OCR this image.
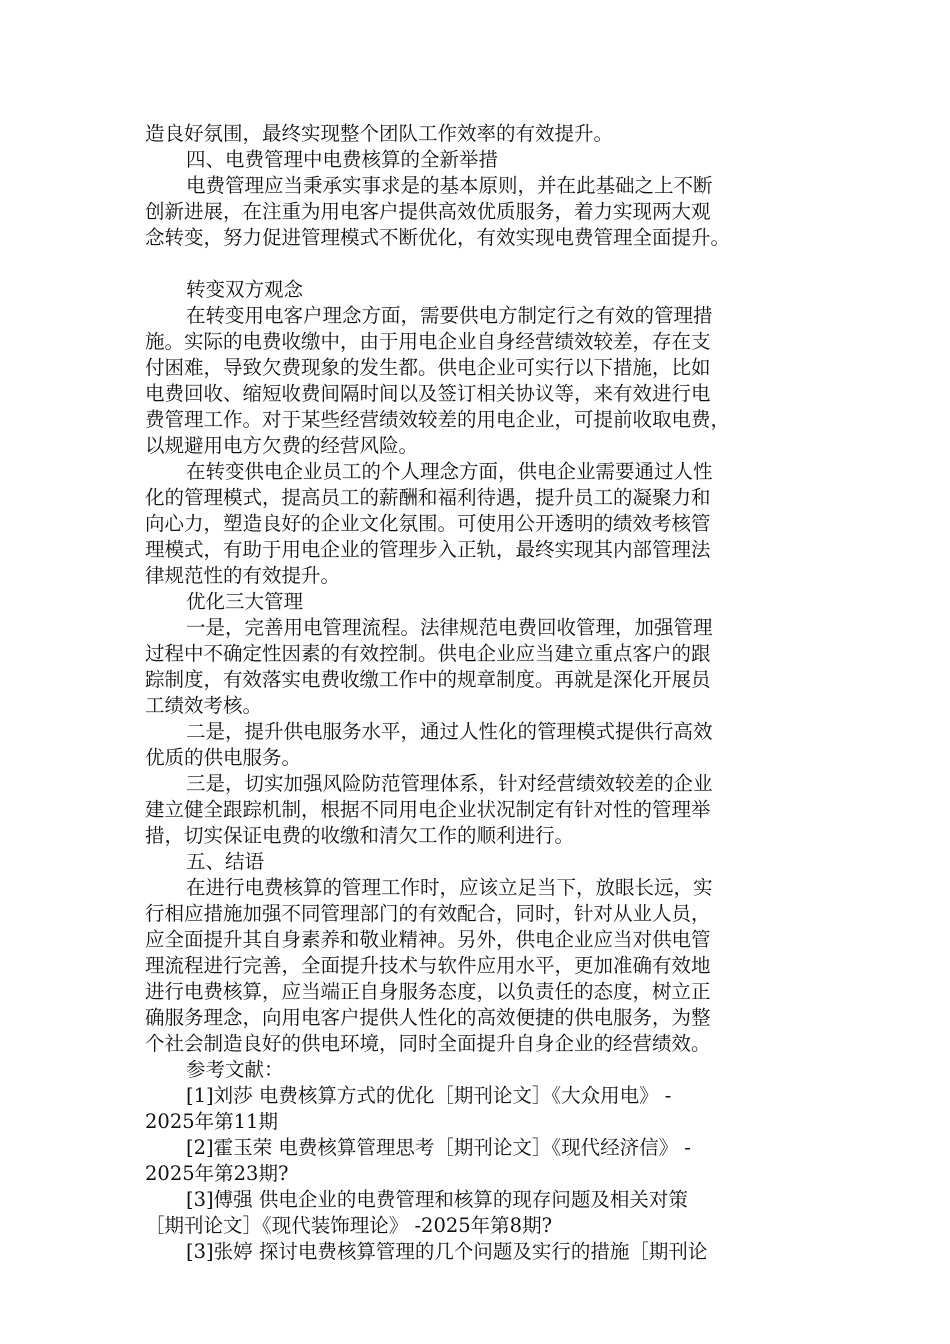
造良好氛围，最终实现整个团队工作效率的有效提升。
四、电费管理中电费核算的全新举措
电费管理应当秉承实事求是的基本原则，并在此基础之上不断
创新进展，在注重为用电客户提供高效优质服务，着力实现两大观
念转变，努力促进管理模式不断优化，有效实现电费管理全面提升。
转变双方观念
在转变用电客户理念方面，需要供电方制定行之有效的管理措
施。实际的电费收缴中，由于用电企业自身经营绩效较差，存在支
付困难，导致欠费现象的发生都。供电企业可实行以下措施，比如
电费回收、缩短收费间隔时间以及签订相关协议等，来有效进行电
费管理工作。对于某些经营绩效较差的用电企业，可提前收取电费，
以规避用电方欠费的经营风险。
在转变供电企业员工的个人理念方面，供电企业需要通过人性
化的管理模式，提高员工的薪酬和福利待遇，提升员工的凝聚力和
向心力，塑造良好的企业文化氛围。可使用公开透明的绩效考核管
理模式，有助于用电企业的管理步入正轨，最终实现其内部管理法
律规范性的有效提升。
优化三大管理
一是，完善用电管理流程。法律规范电费回收管理，加强管理
过程中不确定性因素的有效控制。供电企业应当建立重点客户的跟
踪制度，有效落实电费收缴工作中的规章制度。再就是深化开展员
工绩效考核。
二是，提升供电服务水平，通过人性化的管理模式提供行高效
优质的供电服务。
三是，切实加强风险防范管理体系，针对经营绩效较差的企业
建立健全跟踪机制，根据不同用电企业状况制定有针对性的管理举
措，切实保证电费的收缴和清欠工作的顺利进行。
五、结语
在进行电费核算的管理工作时，应该立足当下，放眼长远，实
行相应措施加强不同管理部门的有效配合，同时，针对从业人员，
应全面提升其自身素养和敬业精神。另外，供电企业应当对供电管
理流程进行完善，全面提升技术与软件应用水平，更加准确有效地
进行电费核算，应当端正自身服务态度，以负责任的态度，树立正
确服务理念，向用电客户提供人性化的高效便捷的供电服务，为整
个社会制造良好的供电环境，同时全面提升自身企业的经营绩效。
参考文献：
[1]刘莎 电费核算方式的优化［期刊论文］《大众用电》 -
2025年第11期
[2]霍玉荣 电费核算管理思考［期刊论文］《现代经济信》 -
2025年第23期?
[3]傅强 供电企业的电费管理和核算的现存问题及相关对策
［期刊论文］《现代装饰理论》 -2025年第8期?
[3]张婷 探讨电费核算管理的几个问题及实行的措施［期刊论
